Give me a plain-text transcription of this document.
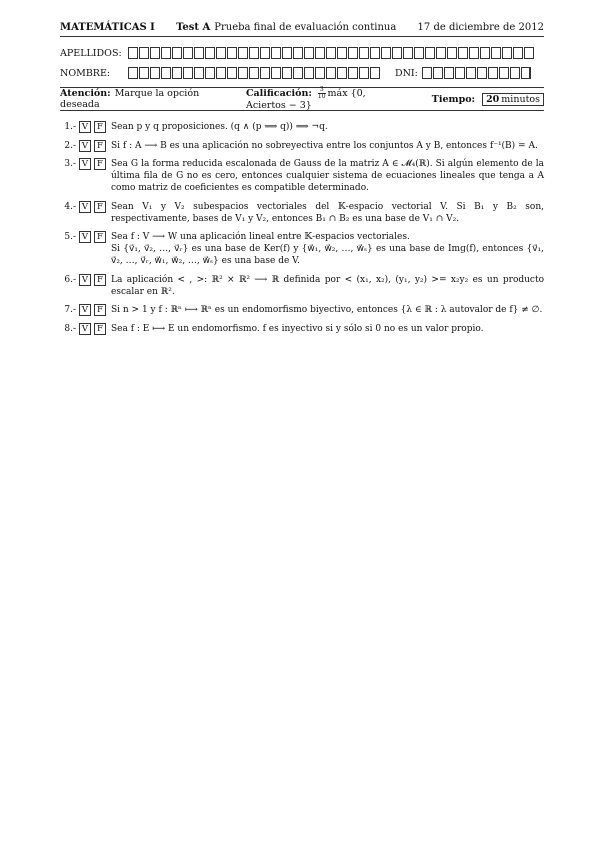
MATEMÁTICAS I Test A Prueba final de evaluación continua 17 de diciembre de 2012
APELLIDOS:
NOMBRE:	DNI:
Atención: Marque la opción deseada
Calificación: $\frac{3}{10}$ máx {0, Aciertos − 3}
Tiempo: 20 minutos
1.- V	F Sean p y q proposiciones. (q ∧ (p ⟹ q)) ⟹ ¬q.
2.- V	F Si f : A ⟶ B es una aplicación no sobreyectiva entre los conjuntos A y B, entonces f⁻¹(B) = A.
3.- V	F Sea G la forma reducida escalonada de Gauss de la matriz A ∈ 𝓜₄(ℝ). Si algún elemento de la última fila de G no es cero, entonces cualquier sistema de ecuaciones lineales que tenga a A como matriz de coeficientes es compatible determinado.
4.- V	F Sean V₁ y V₂ subespacios vectoriales del 𝕂-espacio vectorial V. Si B₁ y B₂ son, respectivamente, bases de V₁ y V₂, entonces B₁ ∩ B₂ es una base de V₁ ∩ V₂.
5.- V	F Sea f : V ⟶ W una aplicación lineal entre 𝕂-espacios vectoriales.
Si {v⃗₁, v⃗₂, …, v⃗ᵣ} es una base de Ker(f) y {w⃗₁, w⃗₂, …, w⃗ₛ} es una base de Img(f), entonces {v⃗₁, v⃗₂, …, v⃗ᵣ, w⃗₁, w⃗₂, …, w⃗ₛ} es una base de V.
6.- V	F La aplicación < , >: ℝ² × ℝ² ⟶ ℝ definida por < (x₁, x₂), (y₁, y₂) >= x₂y₂ es un producto escalar en ℝ².
7.- V	F Si n > 1 y f : ℝⁿ ⟼ ℝⁿ es un endomorfismo biyectivo, entonces {λ ∈ ℝ : λ autovalor de f} ≠ ∅.
8.- V	F Sea f : E ⟼ E un endomorfismo. f es inyectivo si y sólo si 0 no es un valor propio.
